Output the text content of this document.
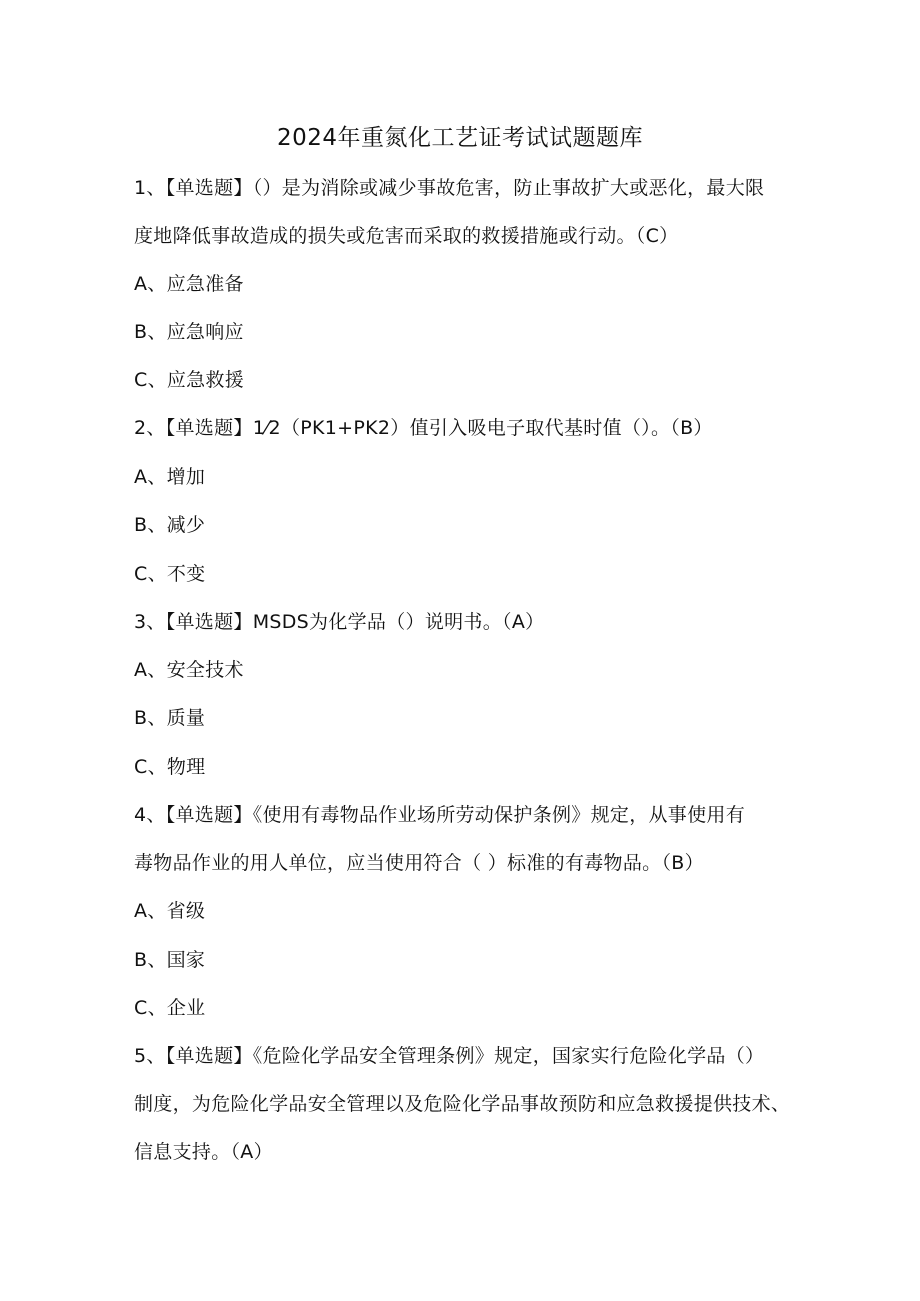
2024年重氮化工艺证考试试题题库
1、【单选题】（）是为消除或减少事故危害，防止事故扩大或恶化，最大限
度地降低事故造成的损失或危害而采取的救援措施或行动。（C）
A、应急准备
B、应急响应
C、应急救援
2、【单选题】1⁄2（PK1+PK2）值引入吸电子取代基时值（）。（B）
A、增加
B、减少
C、不变
3、【单选题】MSDS为化学品（）说明书。（A）
A、安全技术
B、质量
C、物理
4、【单选题】《使用有毒物品作业场所劳动保护条例》规定，从事使用有
毒物品作业的用人单位，应当使用符合（ ）标准的有毒物品。（B）
A、省级
B、国家
C、企业
5、【单选题】《危险化学品安全管理条例》规定，国家实行危险化学品（）
制度，为危险化学品安全管理以及危险化学品事故预防和应急救援提供技术、
信息支持。（A）
